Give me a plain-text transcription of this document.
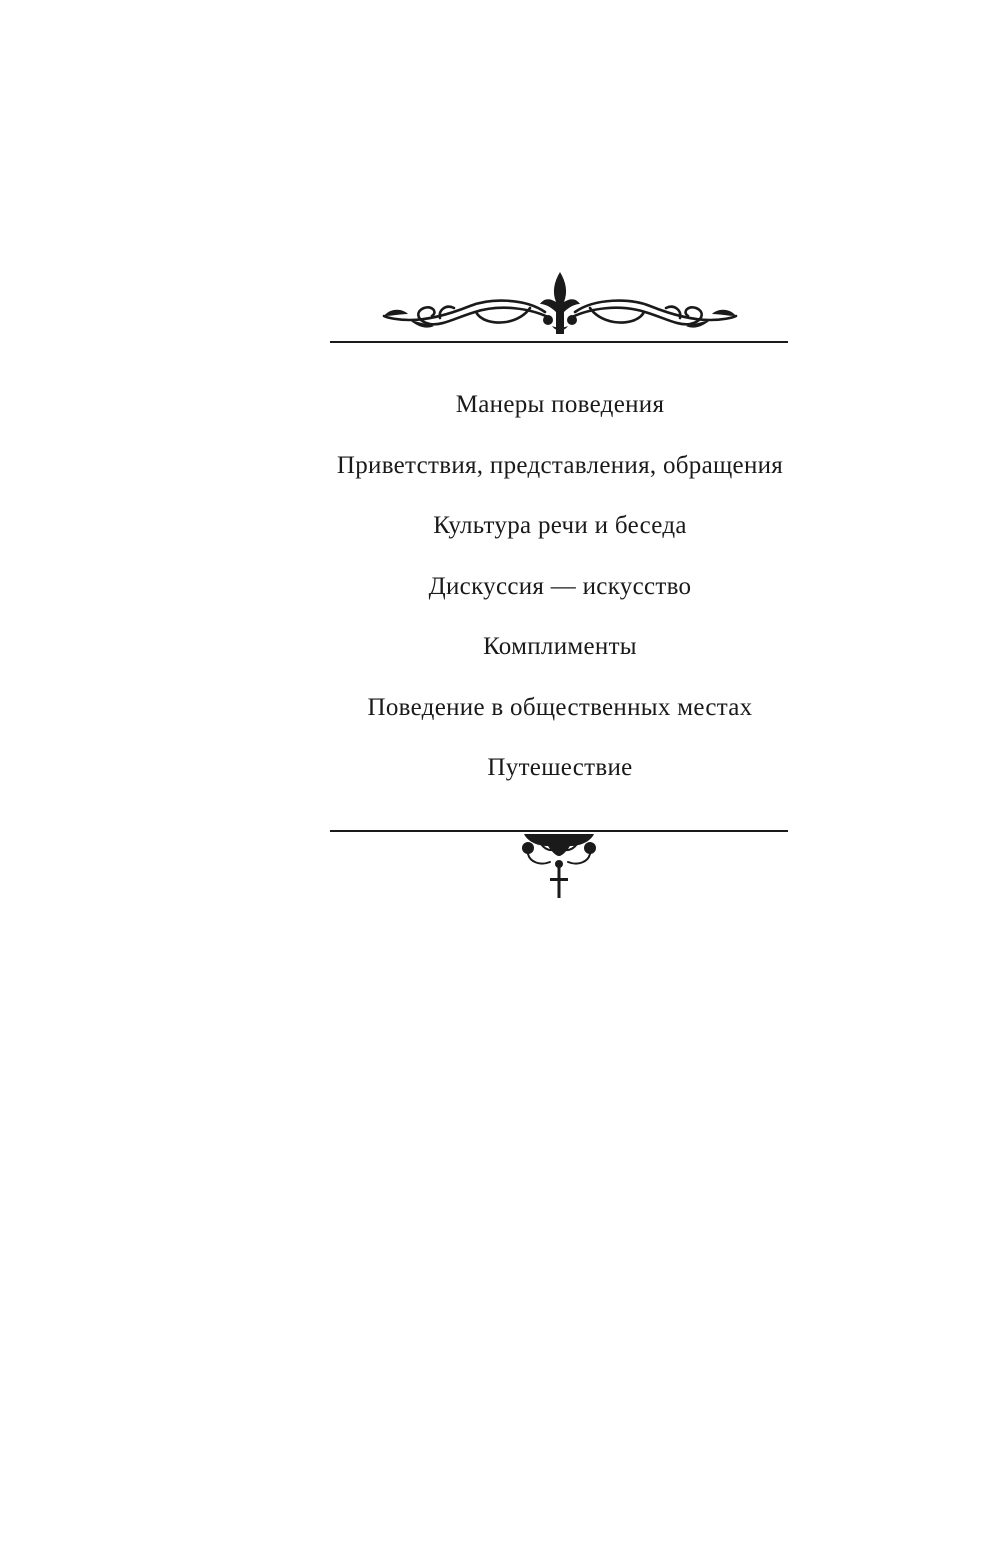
Манеры поведения
Приветствия, представления, обращения
Культура речи и беседа
Дискуссия — искусство
Комплименты
Поведение в общественных местах
Путешествие
